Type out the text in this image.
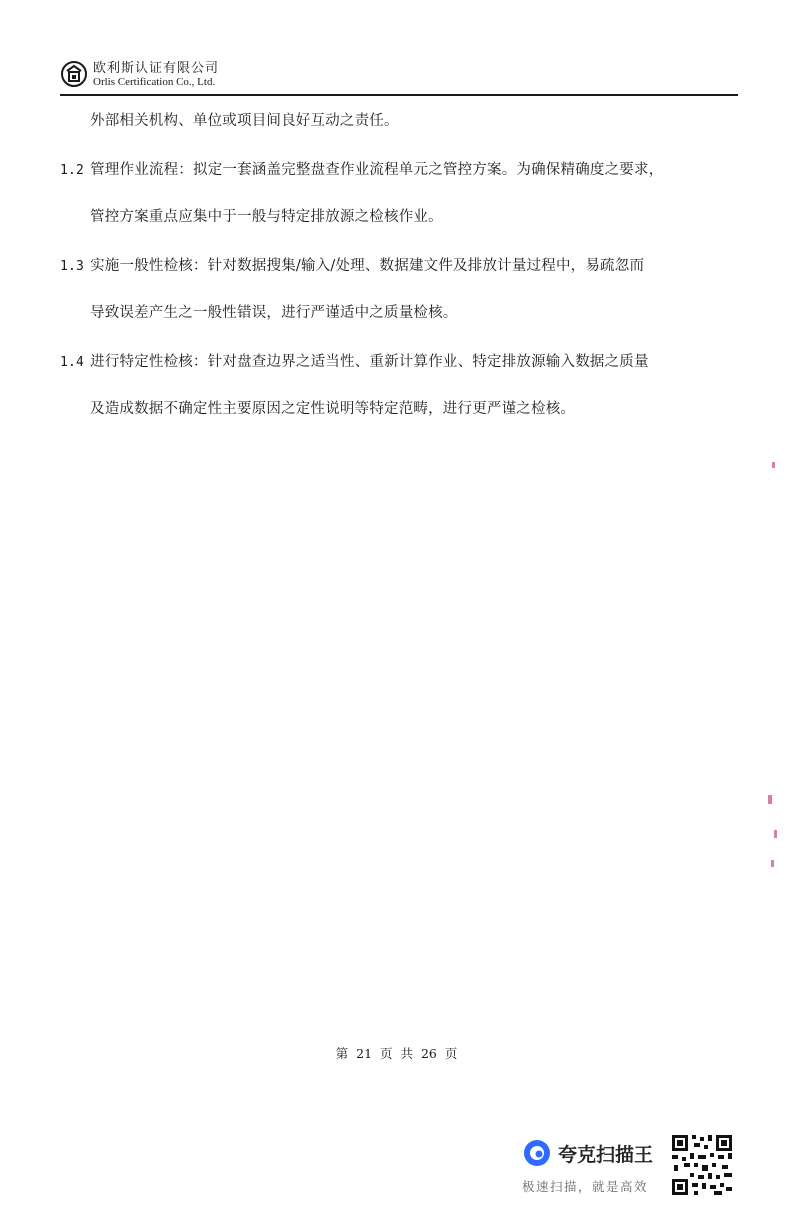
欧利斯认证有限公司
Orlis Certification Co., Ltd.
外部相关机构、单位或项目间良好互动之责任。
1.2 管理作业流程：拟定一套涵盖完整盘查作业流程单元之管控方案。为确保精确度之要求，
管控方案重点应集中于一般与特定排放源之检核作业。
1.3 实施一般性检核：针对数据搜集/输入/处理、数据建文件及排放计量过程中，易疏忽而
导致误差产生之一般性错误，进行严谨适中之质量检核。
1.4 进行特定性检核：针对盘查边界之适当性、重新计算作业、特定排放源输入数据之质量
及造成数据不确定性主要原因之定性说明等特定范畴，进行更严谨之检核。
第 21 页 共 26 页
夸克扫描王
极速扫描，就是高效
